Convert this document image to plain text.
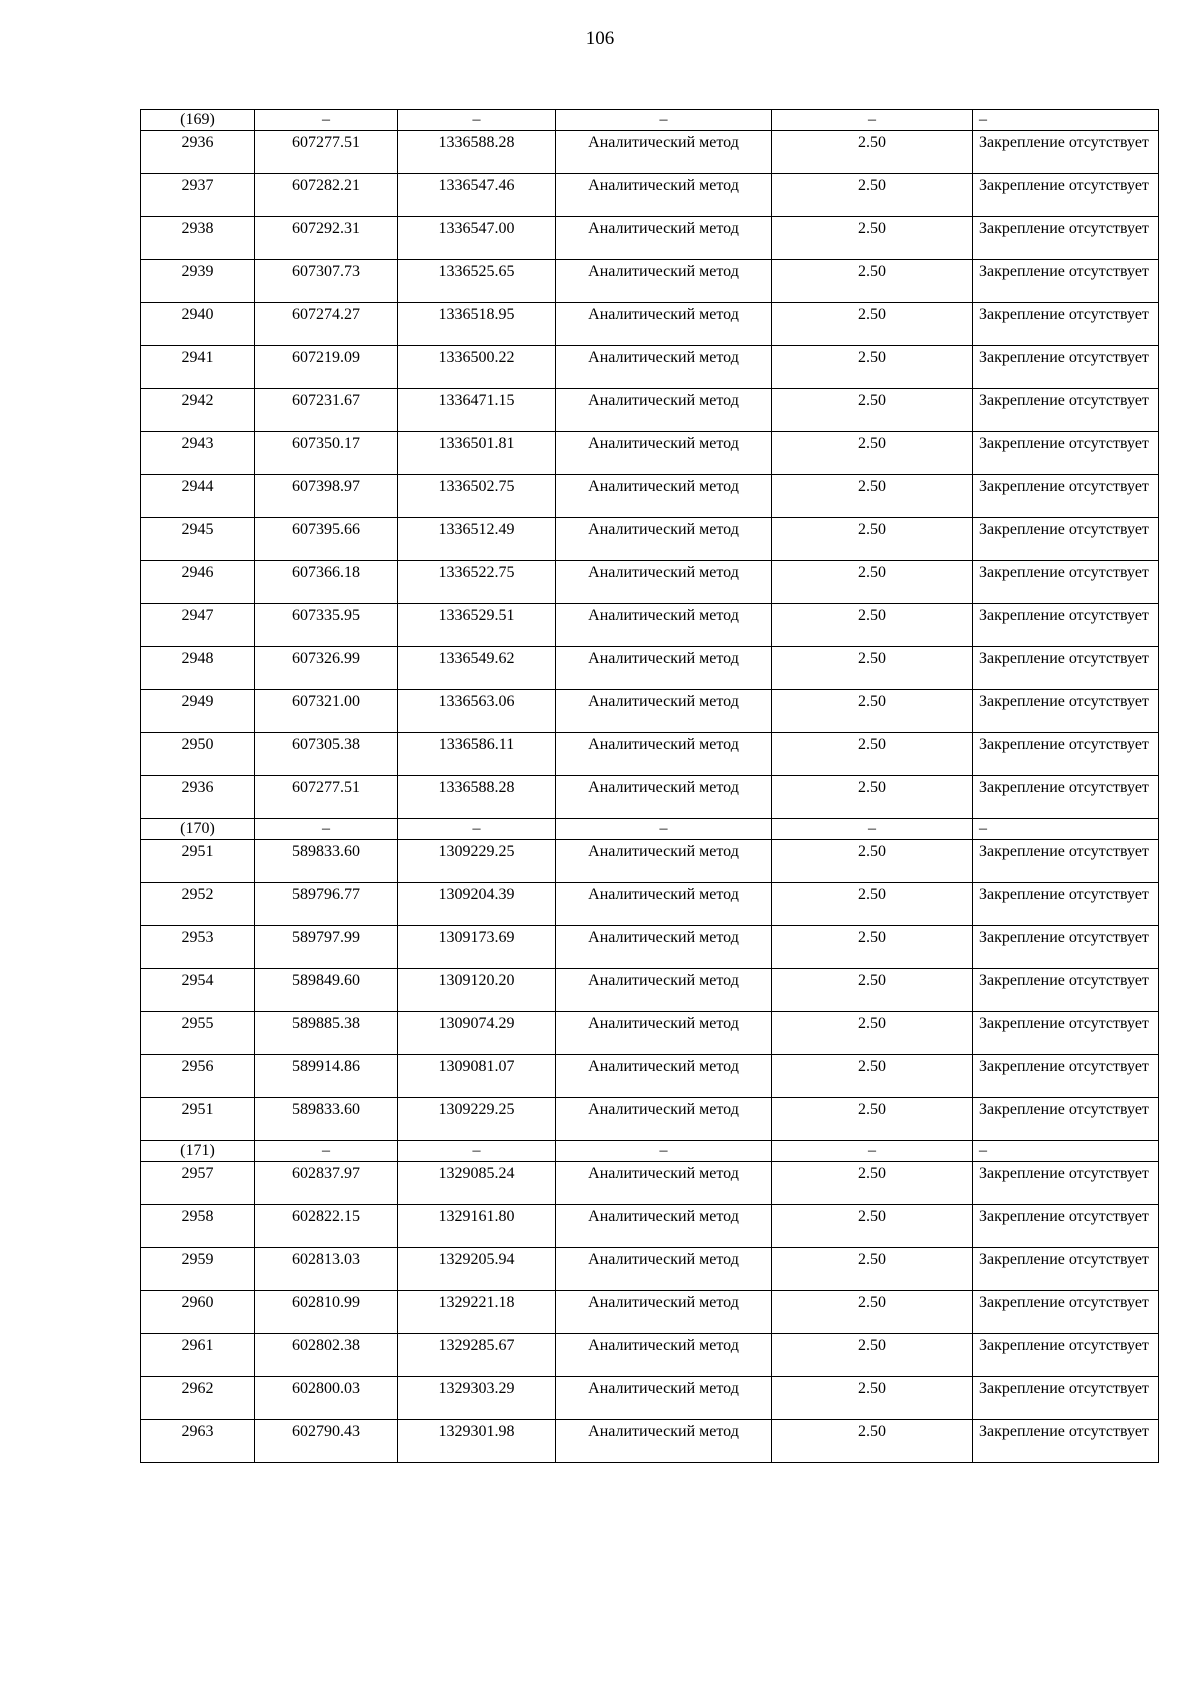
106
(169)	–	–	–	–	–
2936	607277.51	1336588.28	Аналитический метод	2.50	Закрепление отсутствует
2937	607282.21	1336547.46	Аналитический метод	2.50	Закрепление отсутствует
2938	607292.31	1336547.00	Аналитический метод	2.50	Закрепление отсутствует
2939	607307.73	1336525.65	Аналитический метод	2.50	Закрепление отсутствует
2940	607274.27	1336518.95	Аналитический метод	2.50	Закрепление отсутствует
2941	607219.09	1336500.22	Аналитический метод	2.50	Закрепление отсутствует
2942	607231.67	1336471.15	Аналитический метод	2.50	Закрепление отсутствует
2943	607350.17	1336501.81	Аналитический метод	2.50	Закрепление отсутствует
2944	607398.97	1336502.75	Аналитический метод	2.50	Закрепление отсутствует
2945	607395.66	1336512.49	Аналитический метод	2.50	Закрепление отсутствует
2946	607366.18	1336522.75	Аналитический метод	2.50	Закрепление отсутствует
2947	607335.95	1336529.51	Аналитический метод	2.50	Закрепление отсутствует
2948	607326.99	1336549.62	Аналитический метод	2.50	Закрепление отсутствует
2949	607321.00	1336563.06	Аналитический метод	2.50	Закрепление отсутствует
2950	607305.38	1336586.11	Аналитический метод	2.50	Закрепление отсутствует
2936	607277.51	1336588.28	Аналитический метод	2.50	Закрепление отсутствует
(170)	–	–	–	–	–
2951	589833.60	1309229.25	Аналитический метод	2.50	Закрепление отсутствует
2952	589796.77	1309204.39	Аналитический метод	2.50	Закрепление отсутствует
2953	589797.99	1309173.69	Аналитический метод	2.50	Закрепление отсутствует
2954	589849.60	1309120.20	Аналитический метод	2.50	Закрепление отсутствует
2955	589885.38	1309074.29	Аналитический метод	2.50	Закрепление отсутствует
2956	589914.86	1309081.07	Аналитический метод	2.50	Закрепление отсутствует
2951	589833.60	1309229.25	Аналитический метод	2.50	Закрепление отсутствует
(171)	–	–	–	–	–
2957	602837.97	1329085.24	Аналитический метод	2.50	Закрепление отсутствует
2958	602822.15	1329161.80	Аналитический метод	2.50	Закрепление отсутствует
2959	602813.03	1329205.94	Аналитический метод	2.50	Закрепление отсутствует
2960	602810.99	1329221.18	Аналитический метод	2.50	Закрепление отсутствует
2961	602802.38	1329285.67	Аналитический метод	2.50	Закрепление отсутствует
2962	602800.03	1329303.29	Аналитический метод	2.50	Закрепление отсутствует
2963	602790.43	1329301.98	Аналитический метод	2.50	Закрепление отсутствует
